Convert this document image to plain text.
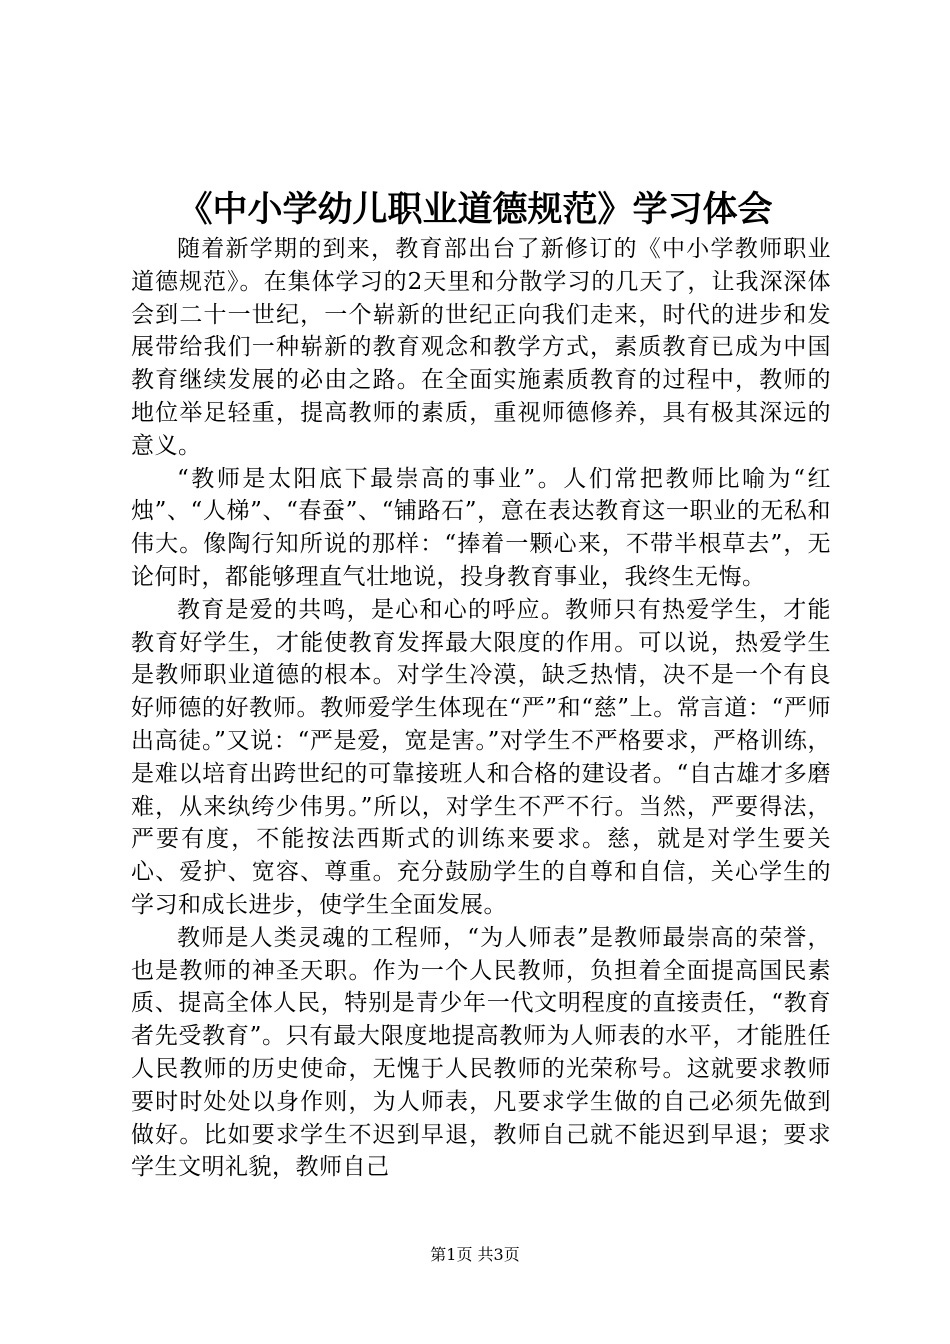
《中小学幼儿职业道德规范》学习体会

随着新学期的到来，教育部出台了新修订的《中小学教师职业道德规范》。在集体学习的2天里和分散学习的几天了，让我深深体会到二十一世纪，一个崭新的世纪正向我们走来，时代的进步和发展带给我们一种崭新的教育观念和教学方式，素质教育已成为中国教育继续发展的必由之路。在全面实施素质教育的过程中，教师的地位举足轻重，提高教师的素质，重视师德修养，具有极其深远的意义。

“教师是太阳底下最崇高的事业”。人们常把教师比喻为“红烛”、“人梯”、“春蚕”、“铺路石”，意在表达教育这一职业的无私和伟大。像陶行知所说的那样：“捧着一颗心来，不带半根草去”，无论何时，都能够理直气壮地说，投身教育事业，我终生无悔。

教育是爱的共鸣，是心和心的呼应。教师只有热爱学生，才能教育好学生，才能使教育发挥最大限度的作用。可以说，热爱学生是教师职业道德的根本。对学生冷漠，缺乏热情，决不是一个有良好师德的好教师。教师爱学生体现在“严”和“慈”上。常言道：“严师出高徒。”又说：“严是爱，宽是害。”对学生不严格要求，严格训练，是难以培育出跨世纪的可靠接班人和合格的建设者。“自古雄才多磨难，从来纨绔少伟男。”所以，对学生不严不行。当然，严要得法，严要有度，不能按法西斯式的训练来要求。慈，就是对学生要关心、爱护、宽容、尊重。充分鼓励学生的自尊和自信，关心学生的学习和成长进步，使学生全面发展。

教师是人类灵魂的工程师，“为人师表”是教师最崇高的荣誉，也是教师的神圣天职。作为一个人民教师，负担着全面提高国民素质、提高全体人民，特别是青少年一代文明程度的直接责任，“教育者先受教育”。只有最大限度地提高教师为人师表的水平，才能胜任人民教师的历史使命，无愧于人民教师的光荣称号。这就要求教师要时时处处以身作则，为人师表，凡要求学生做的自己必须先做到做好。比如要求学生不迟到早退，教师自己就不能迟到早退；要求学生文明礼貌，教师自己

第1页 共3页
